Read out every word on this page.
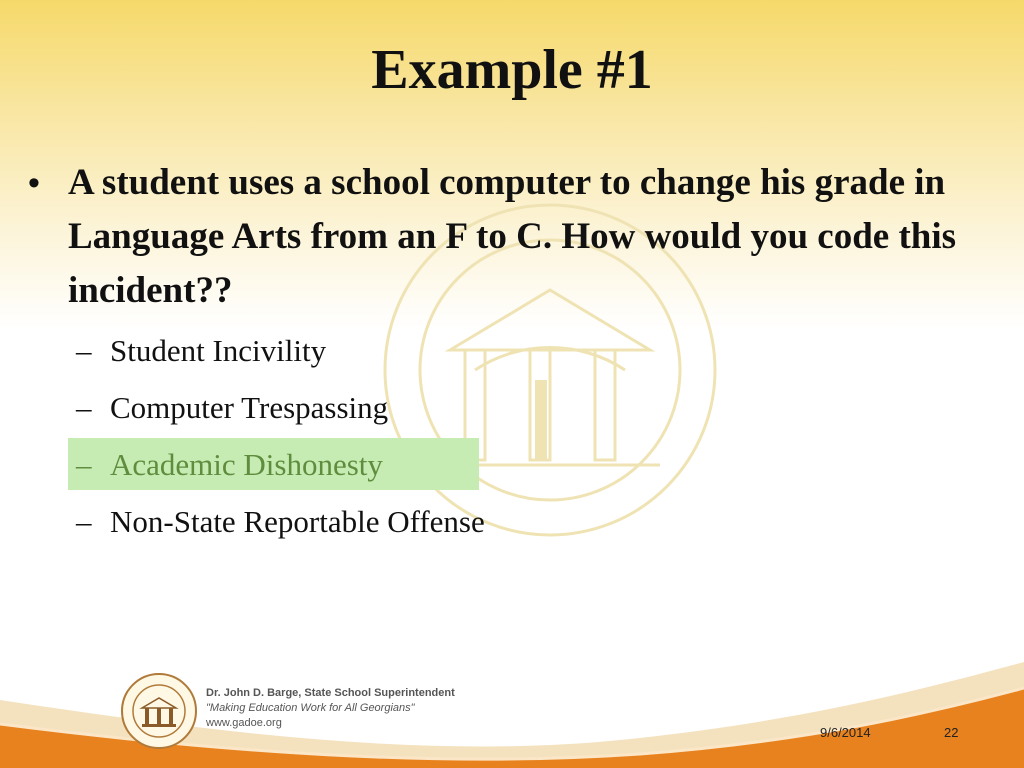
Example #1
• A student uses a school computer to change his grade in Language Arts from an F to C. How would you code this incident??
– Student Incivility
– Computer Trespassing
– Academic Dishonesty
– Non-State Reportable Offense
Dr. John D. Barge, State School Superintendent
"Making Education Work for All Georgians"
www.gadoe.org
9/6/2014	22
